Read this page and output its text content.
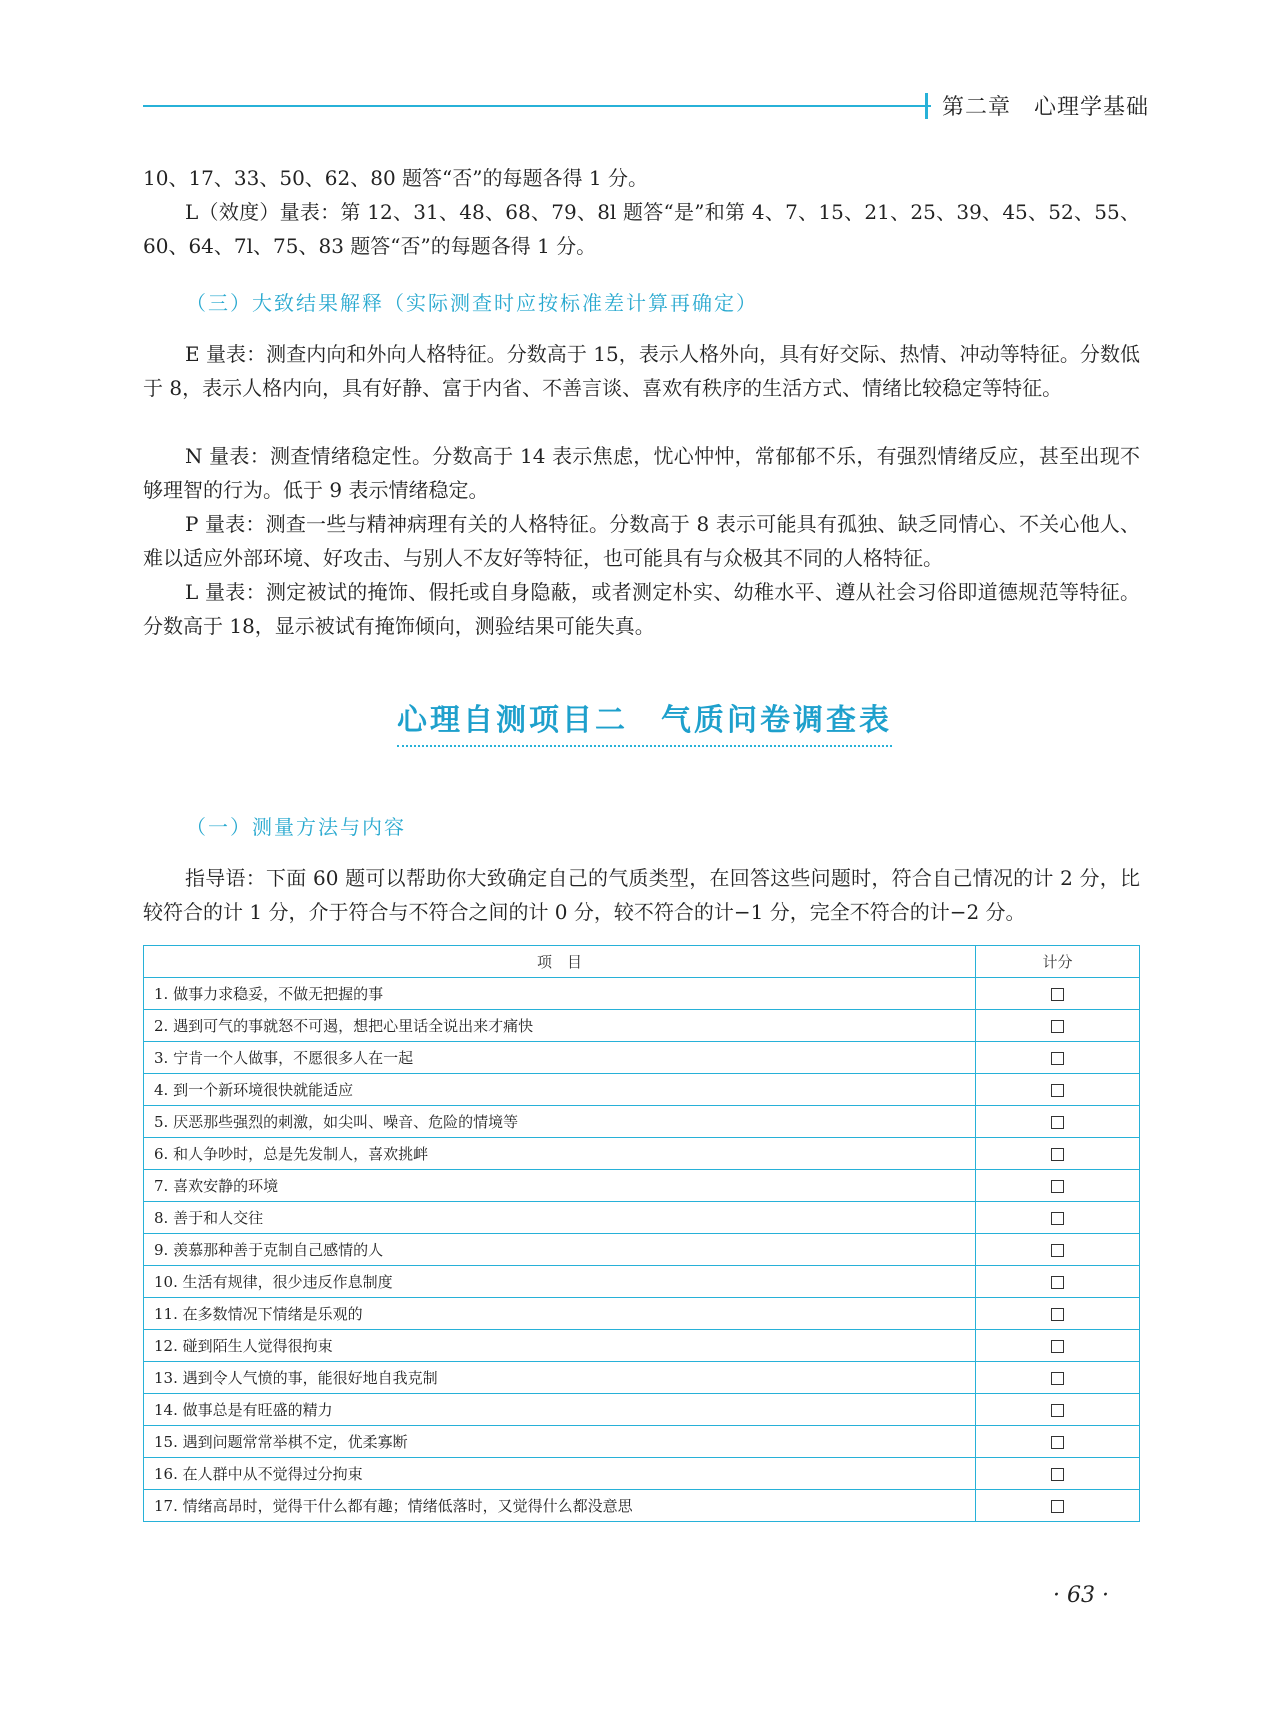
第二章　心理学基础

10、17、33、50、62、80 题答“否”的每题各得 1 分。

L（效度）量表：第 12、31、48、68、79、8l 题答“是”和第 4、7、15、21、25、39、45、52、55、60、64、7l、75、83 题答“否”的每题各得 1 分。

（三）大致结果解释（实际测查时应按标准差计算再确定）

E 量表：测查内向和外向人格特征。分数高于 15，表示人格外向，具有好交际、热情、冲动等特征。分数低于 8，表示人格内向，具有好静、富于内省、不善言谈、喜欢有秩序的生活方式、情绪比较稳定等特征。

N 量表：测查情绪稳定性。分数高于 14 表示焦虑，忧心忡忡，常郁郁不乐，有强烈情绪反应，甚至出现不够理智的行为。低于 9 表示情绪稳定。

P 量表：测查一些与精神病理有关的人格特征。分数高于 8 表示可能具有孤独、缺乏同情心、不关心他人、难以适应外部环境、好攻击、与别人不友好等特征，也可能具有与众极其不同的人格特征。

L 量表：测定被试的掩饰、假托或自身隐蔽，或者测定朴实、幼稚水平、遵从社会习俗即道德规范等特征。分数高于 18，显示被试有掩饰倾向，测验结果可能失真。

心理自测项目二　气质问卷调查表
（一）测量方法与内容

指导语：下面 60 题可以帮助你大致确定自己的气质类型，在回答这些问题时，符合自己情况的计 2 分，比较符合的计 1 分，介于符合与不符合之间的计 0 分，较不符合的计−1 分，完全不符合的计−2 分。

项　目	计分
1. 做事力求稳妥，不做无把握的事	
2. 遇到可气的事就怒不可遏，想把心里话全说出来才痛快	
3. 宁肯一个人做事，不愿很多人在一起	
4. 到一个新环境很快就能适应	
5. 厌恶那些强烈的刺激，如尖叫、噪音、危险的情境等	
6. 和人争吵时，总是先发制人，喜欢挑衅	
7. 喜欢安静的环境	
8. 善于和人交往	
9. 羡慕那种善于克制自己感情的人	
10. 生活有规律，很少违反作息制度	
11. 在多数情况下情绪是乐观的	
12. 碰到陌生人觉得很拘束	
13. 遇到令人气愤的事，能很好地自我克制	
14. 做事总是有旺盛的精力	
15. 遇到问题常常举棋不定，优柔寡断	
16. 在人群中从不觉得过分拘束	
17. 情绪高昂时，觉得干什么都有趣；情绪低落时，又觉得什么都没意思	
· 63 ·
